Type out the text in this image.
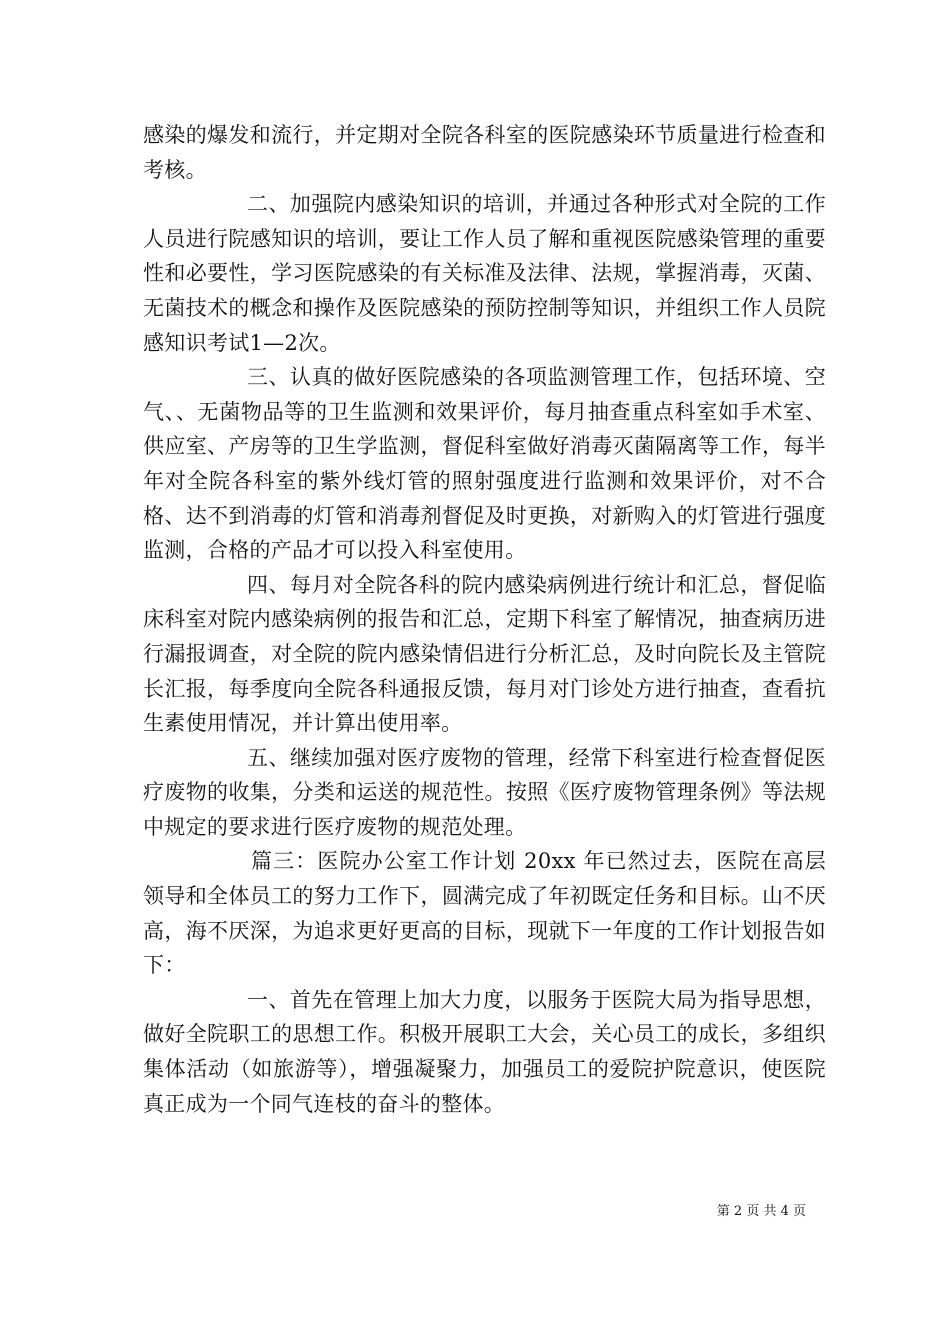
感染的爆发和流行，并定期对全院各科室的医院感染环节质量进行检查和考核。

二、加强院内感染知识的培训，并通过各种形式对全院的工作人员进行院感知识的培训，要让工作人员了解和重视医院感染管理的重要性和必要性，学习医院感染的有关标准及法律、法规，掌握消毒，灭菌、无菌技术的概念和操作及医院感染的预防控制等知识，并组织工作人员院感知识考试1—2次。

三、认真的做好医院感染的各项监测管理工作，包括环境、空气、、无菌物品等的卫生监测和效果评价，每月抽查重点科室如手术室、供应室、产房等的卫生学监测，督促科室做好消毒灭菌隔离等工作，每半年对全院各科室的紫外线灯管的照射强度进行监测和效果评价，对不合格、达不到消毒的灯管和消毒剂督促及时更换，对新购入的灯管进行强度监测，合格的产品才可以投入科室使用。

四、每月对全院各科的院内感染病例进行统计和汇总，督促临床科室对院内感染病例的报告和汇总，定期下科室了解情况，抽查病历进行漏报调查，对全院的院内感染情侣进行分析汇总，及时向院长及主管院长汇报，每季度向全院各科通报反馈，每月对门诊处方进行抽查，查看抗生素使用情况，并计算出使用率。

五、继续加强对医疗废物的管理，经常下科室进行检查督促医疗废物的收集，分类和运送的规范性。按照《医疗废物管理条例》等法规中规定的要求进行医疗废物的规范处理。

篇三：医院办公室工作计划 20xx 年已然过去，医院在高层领导和全体员工的努力工作下，圆满完成了年初既定任务和目标。山不厌高，海不厌深，为追求更好更高的目标，现就下一年度的工作计划报告如下：

一、首先在管理上加大力度，以服务于医院大局为指导思想，做好全院职工的思想工作。积极开展职工大会，关心员工的成长，多组织集体活动（如旅游等），增强凝聚力，加强员工的爱院护院意识，使医院真正成为一个同气连枝的奋斗的整体。

第 2 页 共 4 页
